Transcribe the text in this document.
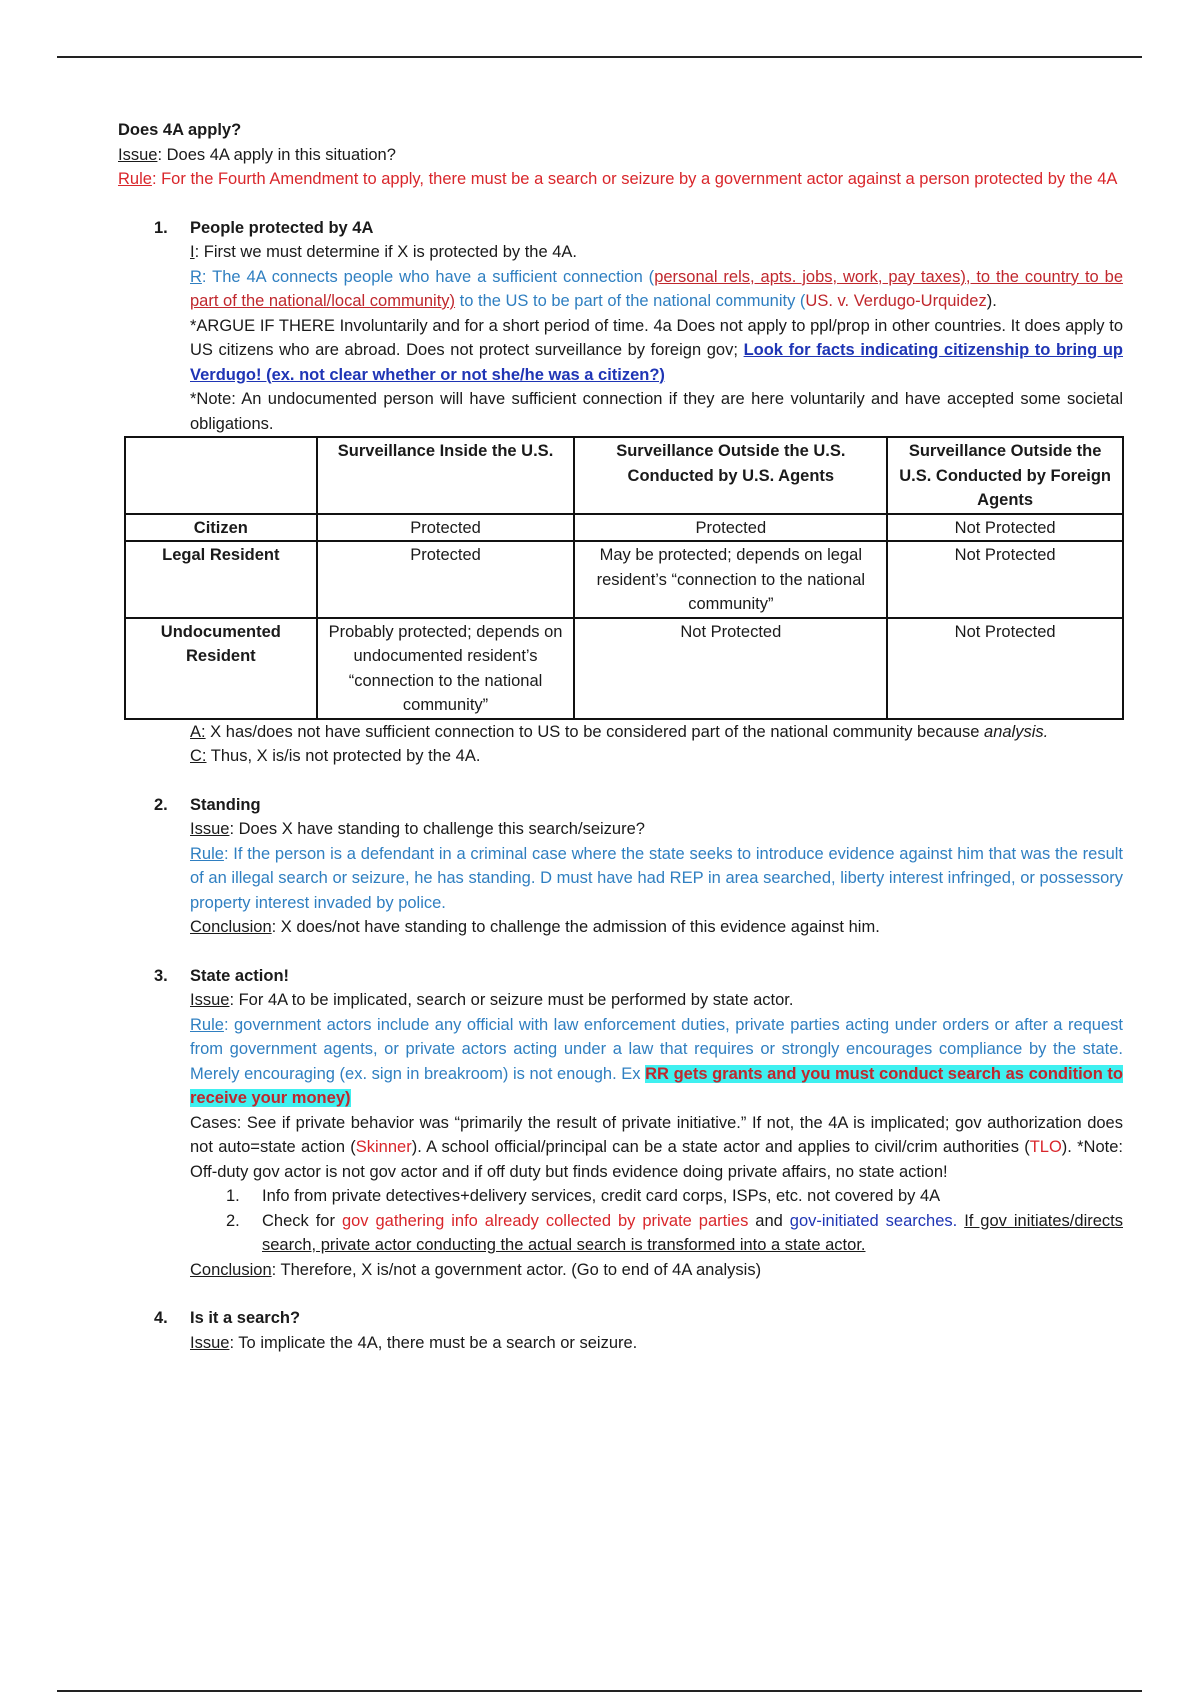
Does 4A apply?

Issue: Does 4A apply in this situation?

Rule: For the Fourth Amendment to apply, there must be a search or seizure by a government actor against a person protected by the 4A

1. People protected by 4A

I: First we must determine if X is protected by the 4A.

R: The 4A connects people who have a sufficient connection (personal rels, apts. jobs, work, pay taxes), to the country to be part of the national/local community) to the US to be part of the national community (US. v. Verdugo-Urquidez).

*ARGUE IF THERE Involuntarily and for a short period of time. 4a Does not apply to ppl/prop in other countries. It does apply to US citizens who are abroad. Does not protect surveillance by foreign gov; Look for facts indicating citizenship to bring up Verdugo! (ex. not clear whether or not she/he was a citizen?)

*Note: An undocumented person will have sufficient connection if they are here voluntarily and have accepted some societal obligations.

	Surveillance Inside the U.S.	Surveillance Outside the U.S. Conducted by U.S. Agents	Surveillance Outside the U.S. Conducted by Foreign Agents
Citizen	Protected	Protected	Not Protected
Legal Resident	Protected	May be protected; depends on legal resident’s “connection to the national community”	Not Protected
Undocumented Resident	Probably protected; depends on undocumented resident’s “connection to the national community”	Not Protected	Not Protected

A: X has/does not have sufficient connection to US to be considered part of the national community because analysis.

C: Thus, X is/is not protected by the 4A.

2. Standing

Issue: Does X have standing to challenge this search/seizure?

Rule: If the person is a defendant in a criminal case where the state seeks to introduce evidence against him that was the result of an illegal search or seizure, he has standing. D must have had REP in area searched, liberty interest infringed, or possessory property interest invaded by police.

Conclusion: X does/not have standing to challenge the admission of this evidence against him.

3. State action!

Issue: For 4A to be implicated, search or seizure must be performed by state actor.

Rule: government actors include any official with law enforcement duties, private parties acting under orders or after a request from government agents, or private actors acting under a law that requires or strongly encourages compliance by the state. Merely encouraging (ex. sign in breakroom) is not enough. Ex RR gets grants and you must conduct search as condition to receive your money)

Cases: See if private behavior was “primarily the result of private initiative.” If not, the 4A is implicated; gov authorization does not auto=state action (Skinner). A school official/principal can be a state actor and applies to civil/crim authorities (TLO). *Note: Off-duty gov actor is not gov actor and if off duty but finds evidence doing private affairs, no state action!

1. Info from private detectives+delivery services, credit card corps, ISPs, etc. not covered by 4A

2. Check for gov gathering info already collected by private parties and gov-initiated searches. If gov initiates/directs search, private actor conducting the actual search is transformed into a state actor.

Conclusion: Therefore, X is/not a government actor. (Go to end of 4A analysis)

4. Is it a search?

Issue: To implicate the 4A, there must be a search or seizure.
